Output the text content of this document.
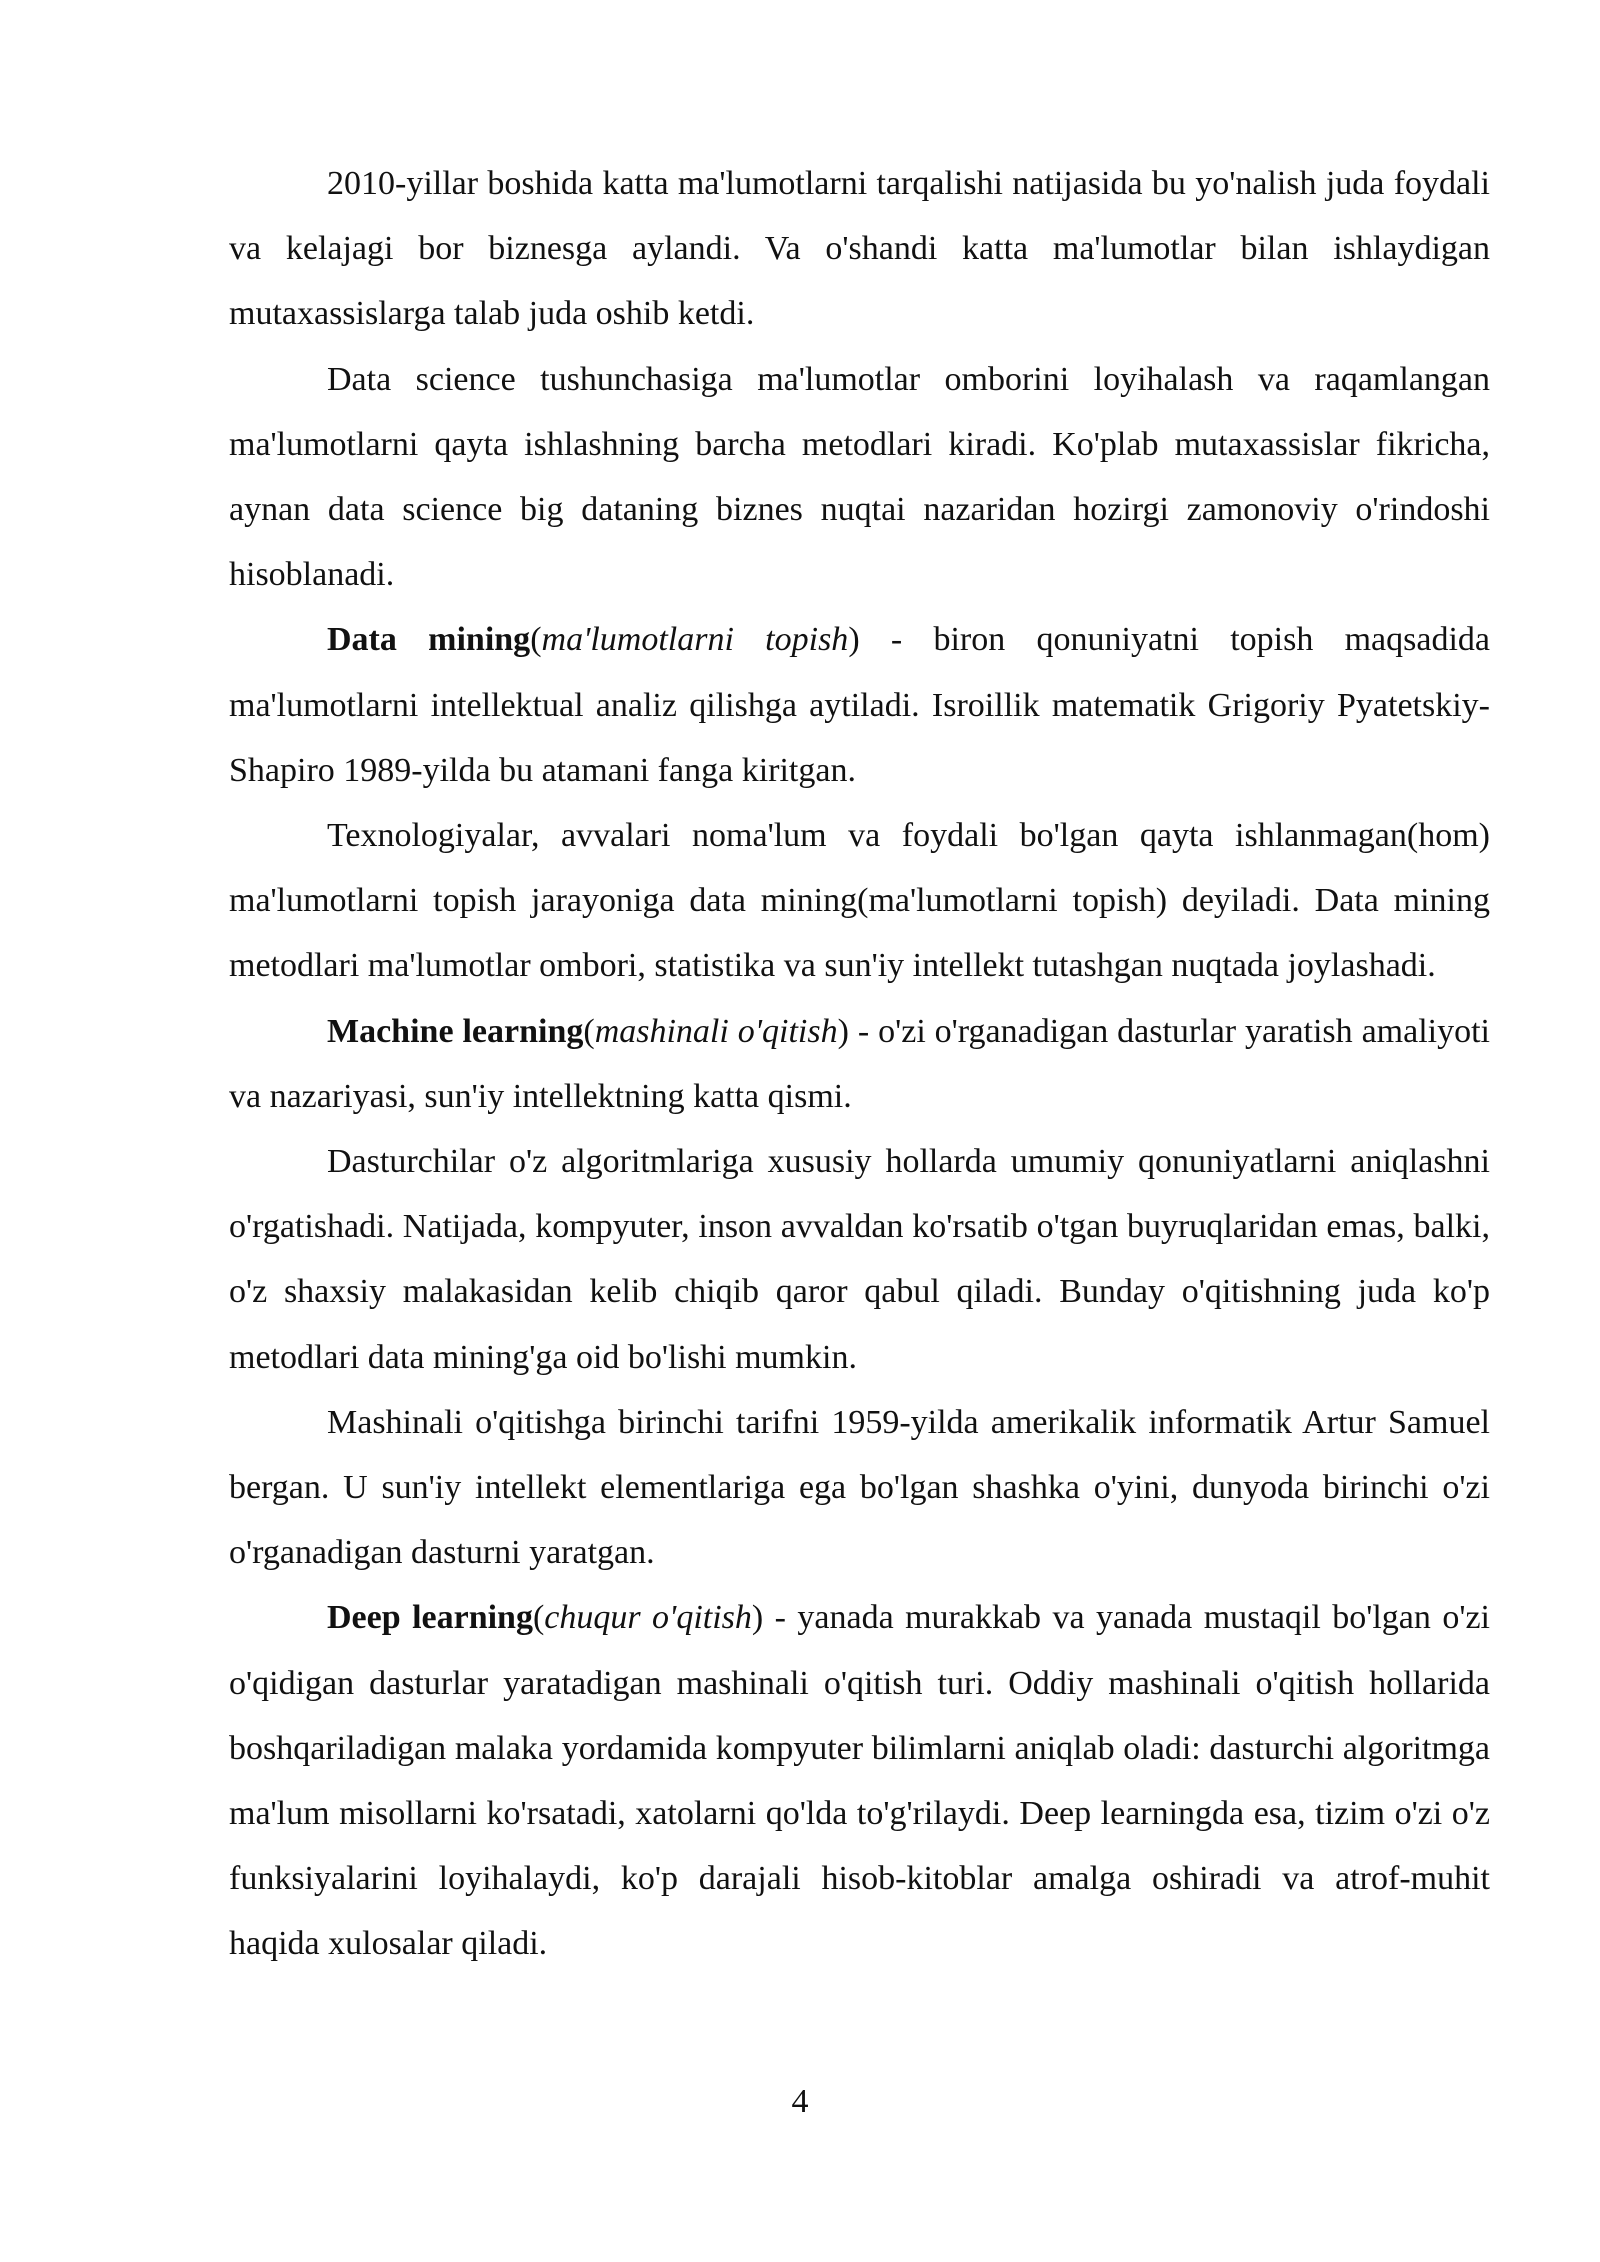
2010-yillar boshida katta ma'lumotlarni tarqalishi natijasida bu yo'nalish juda foydali va kelajagi bor biznesga aylandi. Va o'shandi katta ma'lumotlar bilan ishlaydigan mutaxassislarga talab juda oshib ketdi.

Data science tushunchasiga ma'lumotlar omborini loyihalash va raqamlangan ma'lumotlarni qayta ishlashning barcha metodlari kiradi. Ko'plab mutaxassislar fikricha, aynan data science big dataning biznes nuqtai nazaridan hozirgi zamonoviy o'rindoshi hisoblanadi.

Data mining(ma'lumotlarni topish) - biron qonuniyatni topish maqsadida ma'lumotlarni intellektual analiz qilishga aytiladi. Isroillik matematik Grigoriy Pyatetskiy-Shapiro 1989-yilda bu atamani fanga kiritgan.

Texnologiyalar, avvalari noma'lum va foydali bo'lgan qayta ishlanmagan(hom) ma'lumotlarni topish jarayoniga data mining(ma'lumotlarni topish) deyiladi. Data mining metodlari ma'lumotlar ombori, statistika va sun'iy intellekt tutashgan nuqtada joylashadi.

Machine learning(mashinali o'qitish) - o'zi o'rganadigan dasturlar yaratish amaliyoti va nazariyasi, sun'iy intellektning katta qismi.

Dasturchilar o'z algoritmlariga xususiy hollarda umumiy qonuniyatlarni aniqlashni o'rgatishadi. Natijada, kompyuter, inson avvaldan ko'rsatib o'tgan buyruqlaridan emas, balki, o'z shaxsiy malakasidan kelib chiqib qaror qabul qiladi. Bunday o'qitishning juda ko'p metodlari data mining'ga oid bo'lishi mumkin.

Mashinali o'qitishga birinchi tarifni 1959-yilda amerikalik informatik Artur Samuel bergan. U sun'iy intellekt elementlariga ega bo'lgan shashka o'yini, dunyoda birinchi o'zi o'rganadigan dasturni yaratgan.

Deep learning(chuqur o'qitish) - yanada murakkab va yanada mustaqil bo'lgan o'zi o'qidigan dasturlar yaratadigan mashinali o'qitish turi. Oddiy mashinali o'qitish hollarida boshqariladigan malaka yordamida kompyuter bilimlarni aniqlab oladi: dasturchi algoritmga ma'lum misollarni ko'rsatadi, xatolarni qo'lda to'g'rilaydi. Deep learningda esa, tizim o'zi o'z funksiyalarini loyihalaydi, ko'p darajali hisob-kitoblar amalga oshiradi va atrof-muhit haqida xulosalar qiladi.

4
